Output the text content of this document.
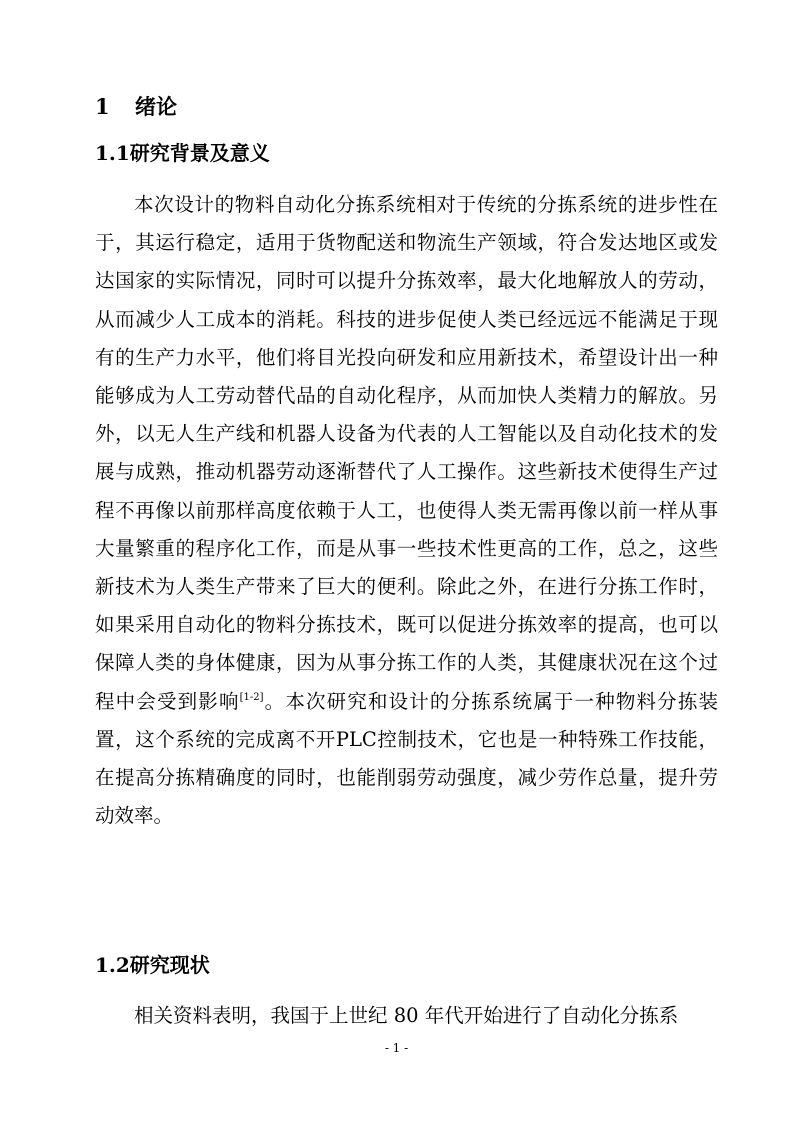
1 绪论
1.1研究背景及意义

本次设计的物料自动化分拣系统相对于传统的分拣系统的进步性在于，其运行稳定，适用于货物配送和物流生产领域，符合发达地区或发达国家的实际情况，同时可以提升分拣效率，最大化地解放人的劳动，从而减少人工成本的消耗。科技的进步促使人类已经远远不能满足于现有的生产力水平，他们将目光投向研发和应用新技术，希望设计出一种能够成为人工劳动替代品的自动化程序，从而加快人类精力的解放。另外，以无人生产线和机器人设备为代表的人工智能以及自动化技术的发展与成熟，推动机器劳动逐渐替代了人工操作。这些新技术使得生产过程不再像以前那样高度依赖于人工，也使得人类无需再像以前一样从事大量繁重的程序化工作，而是从事一些技术性更高的工作，总之，这些新技术为人类生产带来了巨大的便利。除此之外，在进行分拣工作时，如果采用自动化的物料分拣技术，既可以促进分拣效率的提高，也可以保障人类的身体健康，因为从事分拣工作的人类，其健康状况在这个过程中会受到影响[1-2]。本次研究和设计的分拣系统属于一种物料分拣装置，这个系统的完成离不开PLC控制技术，它也是一种特殊工作技能，在提高分拣精确度的同时，也能削弱劳动强度，减少劳作总量，提升劳动效率。

1.2研究现状

相关资料表明，我国于上世纪 80 年代开始进行了自动化分拣系

- 1 -
